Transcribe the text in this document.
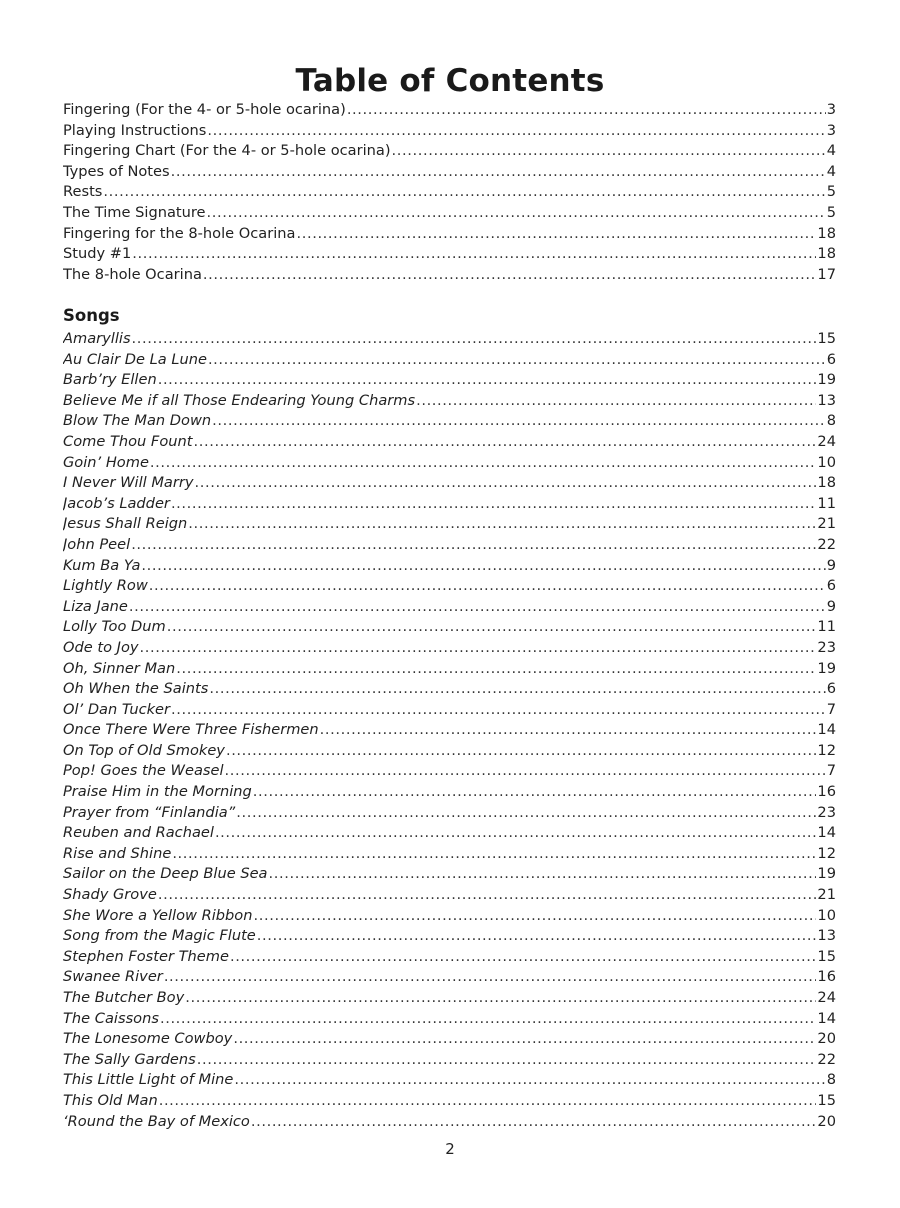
Table of Contents
Fingering (For the 4- or 5-hole ocarina) .....	3
Playing Instructions .....	3
Fingering Chart (For the 4- or 5-hole ocarina) .....	4
Types of Notes .....	4
Rests .....	5
The Time Signature .....	5
Fingering for the 8-hole Ocarina .....	18
Study #1 .....	18
The 8-hole Ocarina .....	17
Songs
Amaryllis .....	15
Au Clair De La Lune .....	6
Barb’ry Ellen .....	19
Believe Me if all Those Endearing Young Charms .....	13
Blow The Man Down .....	8
Come Thou Fount .....	24
Goin’ Home .....	10
I Never Will Marry .....	18
Jacob’s Ladder .....	11
Jesus Shall Reign .....	21
John Peel .....	22
Kum Ba Ya .....	9
Lightly Row .....	6
Liza Jane .....	9
Lolly Too Dum .....	11
Ode to Joy .....	23
Oh, Sinner Man .....	19
Oh When the Saints .....	6
Ol’ Dan Tucker .....	7
Once There Were Three Fishermen .....	14
On Top of Old Smokey .....	12
Pop! Goes the Weasel .....	7
Praise Him in the Morning .....	16
Prayer from “Finlandia” .....	23
Reuben and Rachael .....	14
Rise and Shine .....	12
Sailor on the Deep Blue Sea .....	19
Shady Grove .....	21
She Wore a Yellow Ribbon .....	10
Song from the Magic Flute .....	13
Stephen Foster Theme .....	15
Swanee River .....	16
The Butcher Boy .....	24
The Caissons .....	14
The Lonesome Cowboy .....	20
The Sally Gardens .....	22
This Little Light of Mine .....	8
This Old Man .....	15
‘Round the Bay of Mexico .....	20
2
